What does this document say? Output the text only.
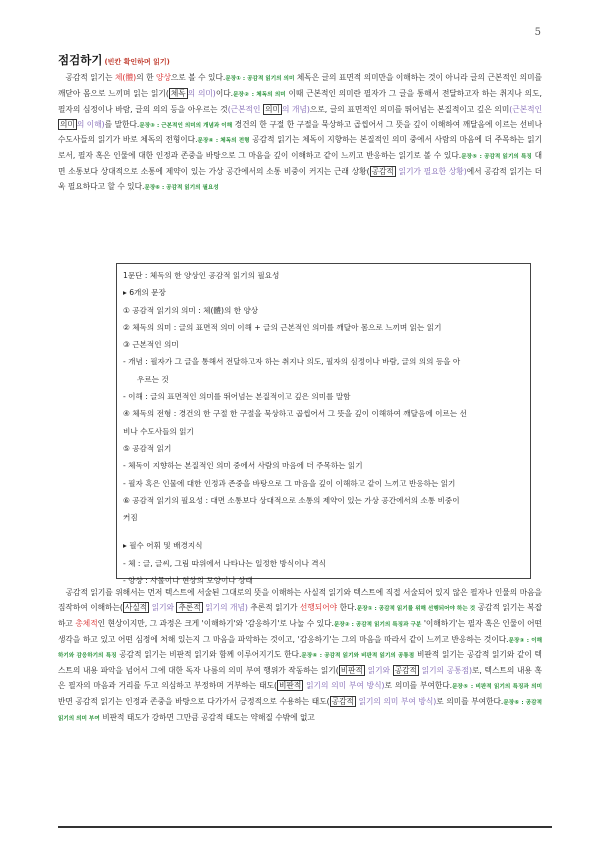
5
점검하기 (빈칸 확인하며 읽기)
공감적 읽기는 체(體)의 한 양상으로 볼 수 있다.문장① : 공감적 읽기의 의미 체독은 글의 표면적 의미만을 이해하는 것이 아니라 글의 근본적인 의미를 깨닫아 몸으로 느끼며 읽는 읽기( 체독 의 의미)이다.문장② : 체독의 의미 이때 근본적인 의미란 필자가 그 글을 통해서 전달하고자 하는 취지나 의도, 필자의 심정이나 바람, 글의 의의 등을 아우르는 것(근본적인 의미 의 개념)으로, 글의 표면적인 의미를 뛰어넘는 본질적이고 깊은 의미(근본적인 의미 의 이해)를 말한다.문장③ : 근본적인 의미의 개념과 이해 경건의 한 구절 한 구절을 묵상하고 곱씹어서 그 뜻을 깊이 이해하여 깨달음에 이르는 선비나 수도사들의 읽기가 바로 체독의 전형이다.문장④ : 체독의 전형 공감적 읽기는 체독이 지향하는 본질적인 의미 중에서 사람의 마음에 더 주목하는 읽기로서, 필자 혹은 인물에 대한 인정과 존중을 바탕으로 그 마음을 깊이 이해하고 같이 느끼고 반응하는 읽기로 볼 수 있다.문장⑤ : 공감적 읽기의 특징 대면 소통보다 상대적으로 소통에 제약이 있는 가상 공간에서의 소통 비중이 커지는 근래 상황( 공감적 읽기가 필요한 상황)에서 공감적 읽기는 더욱 필요하다고 할 수 있다.문장⑥ : 공감적 읽기의 필요성
1문단 : 체독의 한 양상인 공감적 읽기의 필요성
▸ 6개의 문장
① 공감적 읽기의 의미 : 체(體)의 한 양상
② 체독의 의미 : 글의 표면적 의미 이해 + 글의 근본적인 의미를 깨달아 몸으로 느끼며 읽는 읽기
③ 근본적인 의미
- 개념 : 필자가 그 글을 통해서 전달하고자 하는 취지나 의도, 필자의 심정이나 바람, 글의 의의 등을 아
우르는 것
- 이해 : 글의 표면적인 의미를 뛰어넘는 본질적이고 깊은 의미를 말함
④ 체독의 전형 : 경건의 한 구절 한 구절을 묵상하고 곱씹어서 그 뜻을 깊이 이해하여 깨달음에 이르는 선
비나 수도사들의 읽기
⑤ 공감적 읽기
- 체독이 지향하는 본질적인 의미 중에서 사람의 마음에 더 주목하는 읽기
- 필자 혹은 인물에 대한 인정과 존중을 바탕으로 그 마음을 깊이 이해하고 같이 느끼고 반응하는 읽기
⑥ 공감적 읽기의 필요성 : 대면 소통보다 상대적으로 소통의 제약이 있는 가상 공간에서의 소통 비중이
커짐
▸ 필수 어휘 및 배경지식
- 체 : 글, 글씨, 그림 따위에서 나타나는 일정한 방식이나 격식
- 양상 : 사물이나 현상의 모양이나 상태
공감적 읽기를 위해서는 먼저 텍스트에 서술된 그대로의 뜻을 이해하는 사실적 읽기와 텍스트에 직접 서술되어 있지 않은 필자나 인물의 마음을 짐작하여 이해하는( 사실적 읽기와 추론적 읽기의 개념) 추론적 읽기가 선행되어야 한다.문장① : 공감적 읽기를 위해 선행되어야 하는 것 공감적 읽기는 복잡하고 총체적인 현상이지만, 그 과정은 크게 '이해하기'와 '감응하기'로 나눌 수 있다.문장② : 공감적 읽기의 특징과 구분 '이해하기'는 필자 혹은 인물이 어떤 생각을 하고 있고 어떤 심정에 처해 있는지 그 마음을 파악하는 것이고, '감응하기'는 그의 마음을 따라서 같이 느끼고 반응하는 것이다.문장③ : 이해하기와 감응하기의 특징 공감적 읽기는 비판적 읽기와 함께 이루어지기도 한다.문장④ : 공감적 읽기와 비판적 읽기의 공통점 비판적 읽기는 공감적 읽기와 같이 텍스트의 내용 파악을 넘어서 그에 대한 독자 나름의 의미 부여 행위가 작동하는 읽기( 비판적 읽기와 공감적 읽기의 공통점)로, 텍스트의 내용 혹은 필자의 마음과 거리를 두고 의심하고 부정하며 거부하는 태도( 비판적 읽기의 의미 부여 방식)로 의미를 부여한다.문장⑤ : 비판적 읽기의 특징과 의미 반면 공감적 읽기는 인정과 존중을 바탕으로 다가가서 긍정적으로 수용하는 태도( 공감적 읽기의 의미 부여 방식)로 의미를 부여한다.문장⑥ : 공감적 읽기의 의미 부여 비판적 태도가 강하면 그만큼 공감적 태도는 약해질 수밖에 없고
